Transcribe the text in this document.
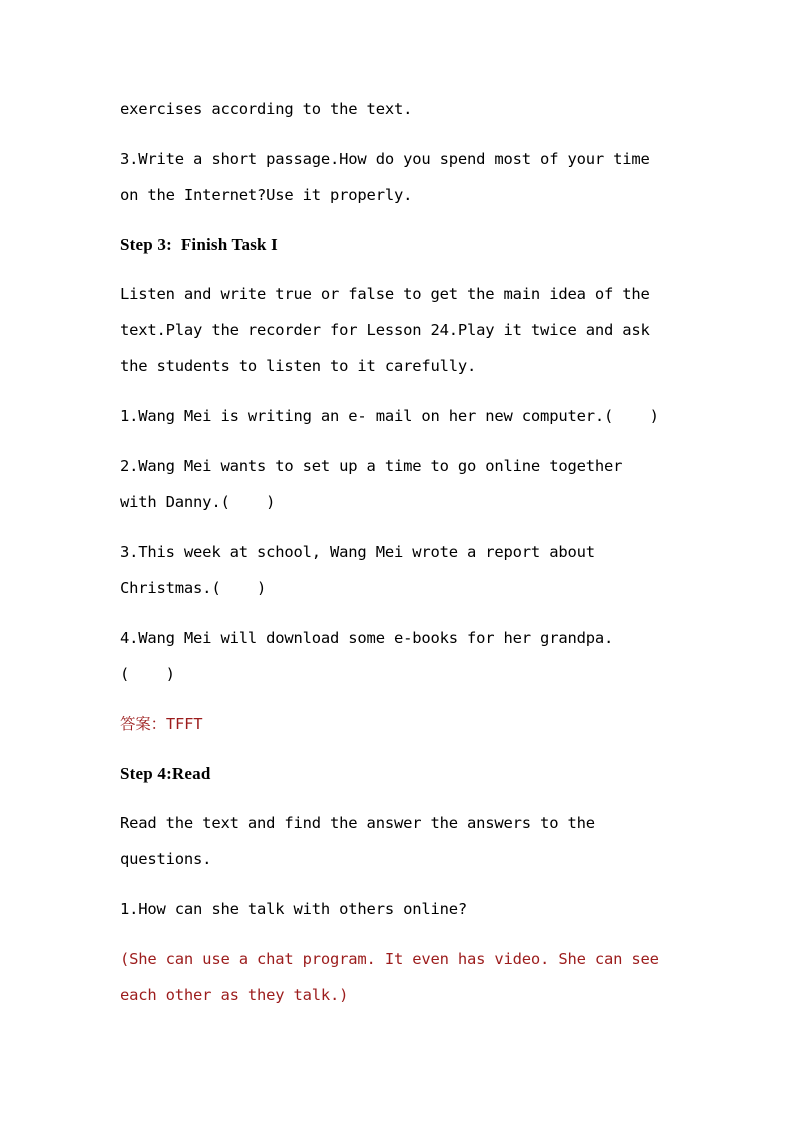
exercises according to the text.
3.Write a short passage.How do you spend most of your time
on the Internet?Use it properly.
Step 3:  Finish Task I
Listen and write true or false to get the main idea of the
text.Play the recorder for Lesson 24.Play it twice and ask
the students to listen to it carefully.
1.Wang Mei is writing an e- mail on her new computer.(    )
2.Wang Mei wants to set up a time to go online together
with Danny.(    )
3.This week at school, Wang Mei wrote a report about
Christmas.(    )
4.Wang Mei will download some e-books for her grandpa.
(    )
答案：TFFT
Step 4:Read
Read the text and find the answer the answers to the
questions.
1.How can she talk with others online?
(She can use a chat program. It even has video. She can see
each other as they talk.)
